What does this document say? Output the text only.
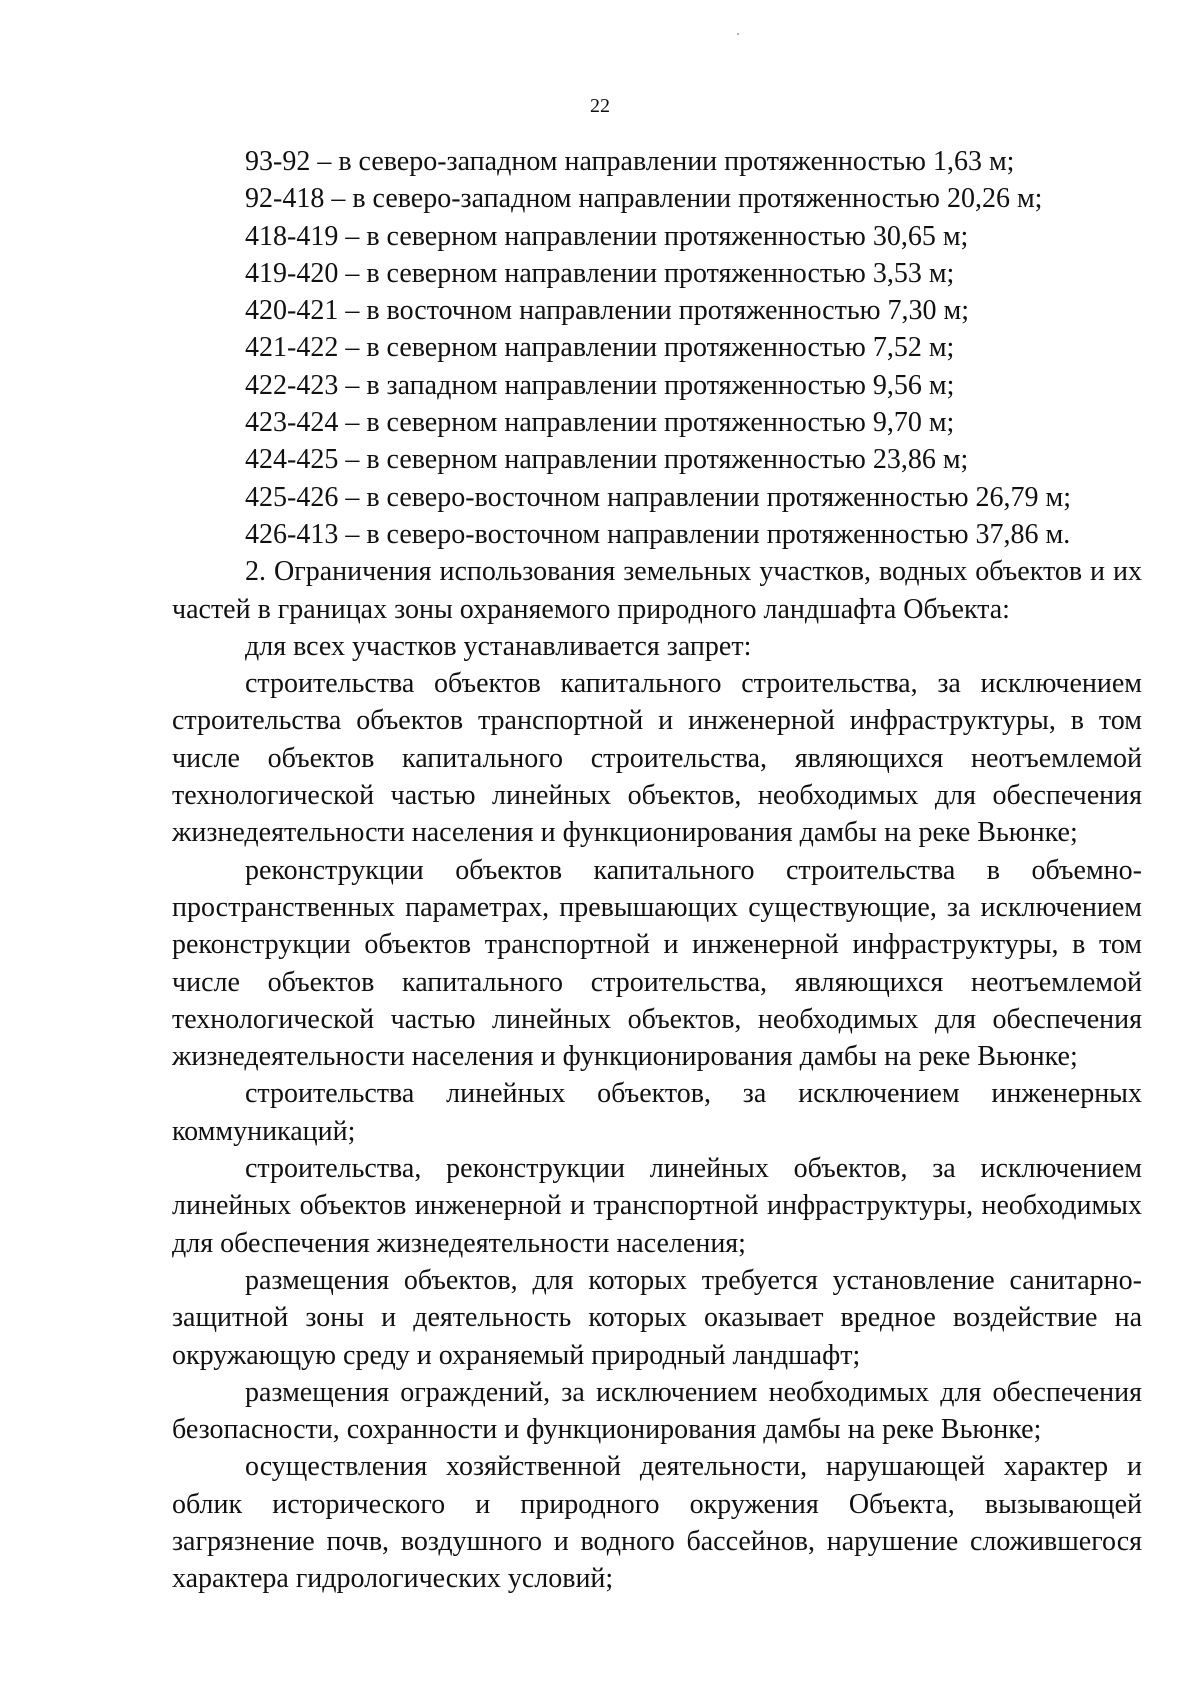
22
93-92 – в северо-западном направлении протяженностью 1,63 м;
92-418 – в северо-западном направлении протяженностью 20,26 м;
418-419 – в северном направлении протяженностью 30,65 м;
419-420 – в северном направлении протяженностью 3,53 м;
420-421 – в восточном направлении протяженностью 7,30 м;
421-422 – в северном направлении протяженностью 7,52 м;
422-423 – в западном направлении протяженностью 9,56 м;
423-424 – в северном направлении протяженностью 9,70 м;
424-425 – в северном направлении протяженностью 23,86 м;
425-426 – в северо-восточном направлении протяженностью 26,79 м;
426-413 – в северо-восточном направлении протяженностью 37,86 м.

2. Ограничения использования земельных участков, водных объектов и их частей в границах зоны охраняемого природного ландшафта Объекта:

для всех участков устанавливается запрет:

строительства объектов капитального строительства, за исключением строительства объектов транспортной и инженерной инфраструктуры, в том числе объектов капитального строительства, являющихся неотъемлемой технологической частью линейных объектов, необходимых для обеспечения жизнедеятельности населения и функционирования дамбы на реке Вьюнке;

реконструкции объектов капитального строительства в объемно-пространственных параметрах, превышающих существующие, за исключением реконструкции объектов транспортной и инженерной инфраструктуры, в том числе объектов капитального строительства, являющихся неотъемлемой технологической частью линейных объектов, необходимых для обеспечения жизнедеятельности населения и функционирования дамбы на реке Вьюнке;

строительства линейных объектов, за исключением инженерных коммуникаций;

строительства, реконструкции линейных объектов, за исключением линейных объектов инженерной и транспортной инфраструктуры, необходимых для обеспечения жизнедеятельности населения;

размещения объектов, для которых требуется установление санитарно-защитной зоны и деятельность которых оказывает вредное воздействие на окружающую среду и охраняемый природный ландшафт;

размещения ограждений, за исключением необходимых для обеспечения безопасности, сохранности и функционирования дамбы на реке Вьюнке;

осуществления хозяйственной деятельности, нарушающей характер и облик исторического и природного окружения Объекта, вызывающей загрязнение почв, воздушного и водного бассейнов, нарушение сложившегося характера гидрологических условий;
